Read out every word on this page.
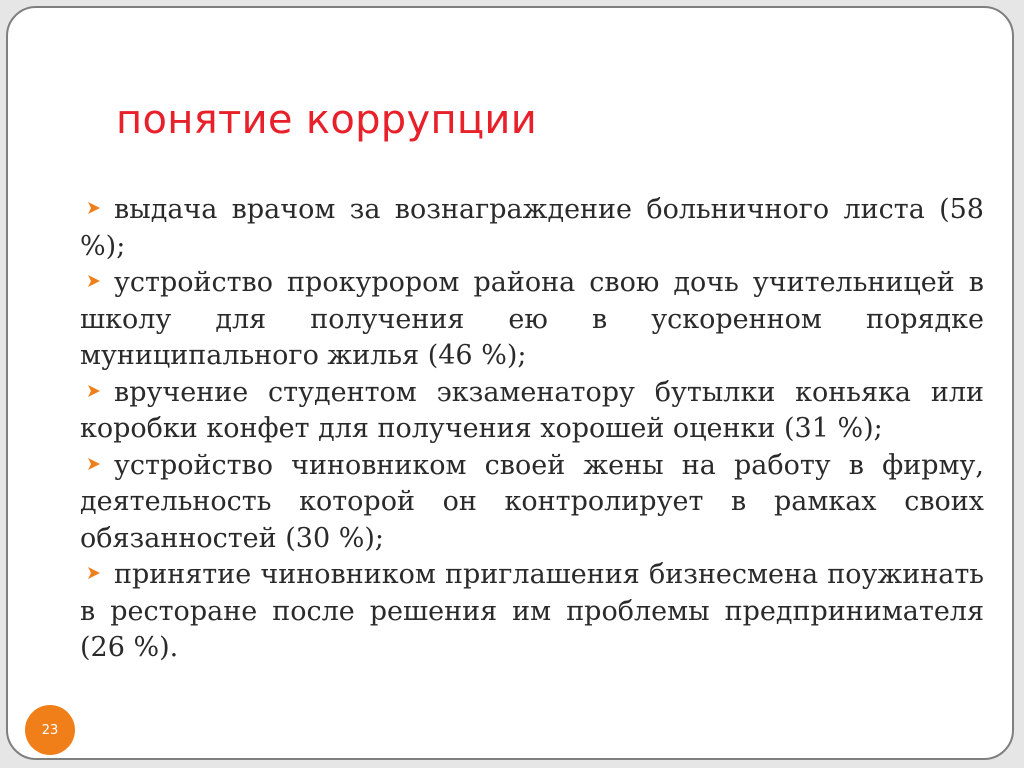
понятие коррупции
выдача врачом за вознаграждение больничного листа (58 %);
устройство прокурором района свою дочь учительницей в школу для получения ею в ускоренном порядке муниципального жилья (46 %);
вручение студентом экзаменатору бутылки коньяка или коробки конфет для получения хорошей оценки (31 %);
устройство чиновником своей жены на работу в фирму, деятельность которой он контролирует в рамках своих обязанностей (30 %);
принятие чиновником приглашения бизнесмена поужинать в ресторане после решения им проблемы предпринимателя (26 %).
23
